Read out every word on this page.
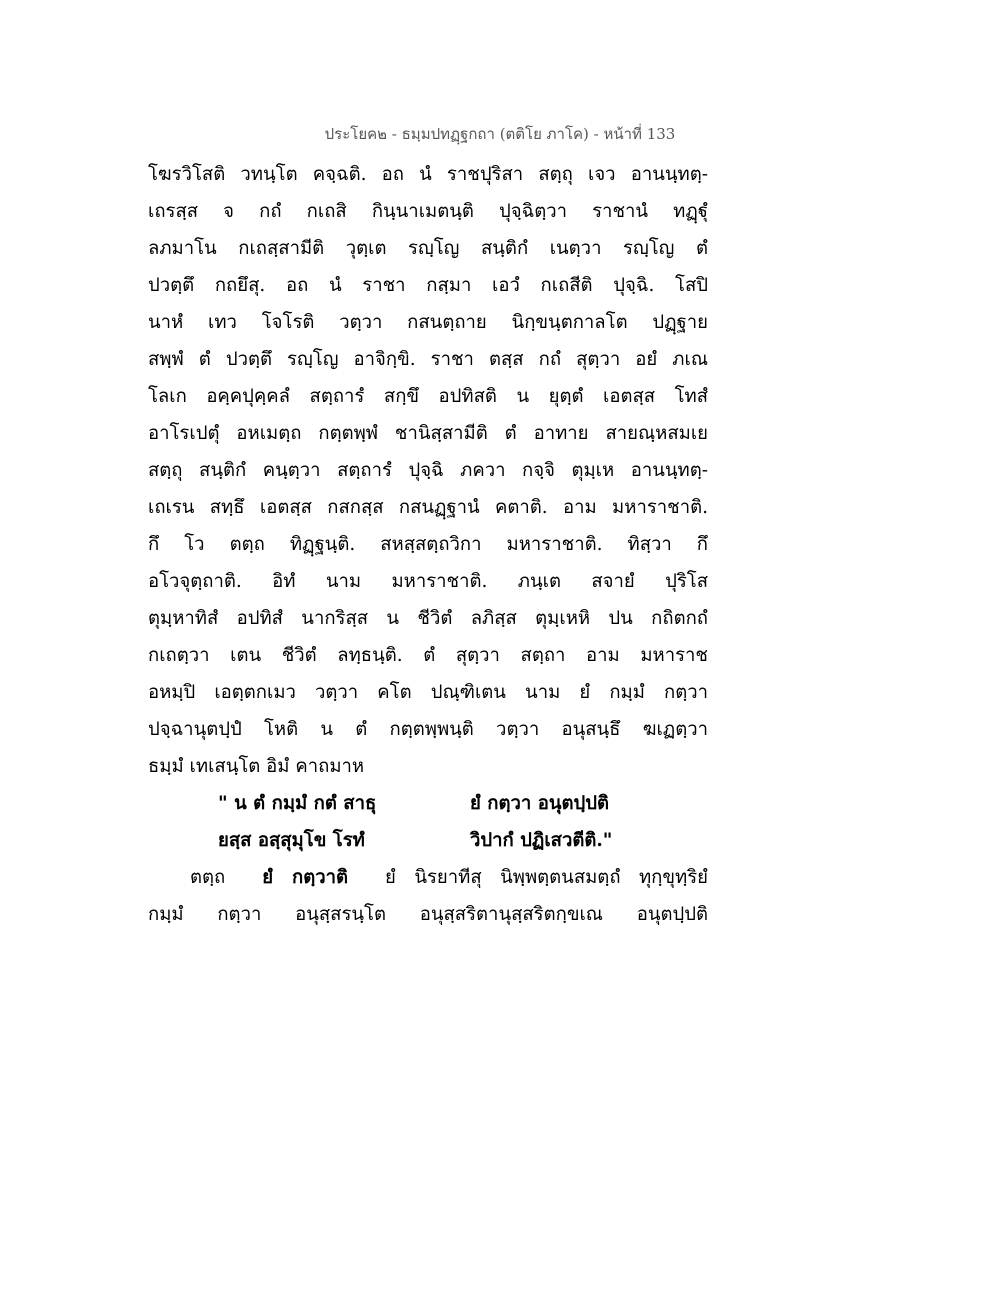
ประโยค๒ - ธมฺมปทฏฺฐกถา (ตติโย ภาโค) - หน้าที่ 133
โฆรวิโสติ วทนฺโต คจฺฉติ. อถ นํ ราชปุริสา สตฺถุ เจว อานนฺทตฺ-
เถรสฺส จ กถํ กเถสิ กินฺนาเมตนฺติ ปุจฺฉิตฺวา ราชานํ ทฏฺฐุํ
ลภมาโน กเถสฺสามีติ วุตฺเต รญฺโญ สนฺติกํ เนตฺวา รญฺโญ ตํ
ปวตฺตึ กถยึสุ. อถ นํ ราชา กสฺมา เอวํ กเถสีติ ปุจฺฉิ. โสปิ
นาหํ เทว โจโรติ วตฺวา กสนตฺถาย นิกฺขนฺตกาลโต ปฏฺฐาย
สพฺพํ ตํ ปวตฺตึ รญฺโญ อาจิกฺขิ. ราชา ตสฺส กถํ สุตฺวา อยํ ภเณ
โลเก อคฺคปุคฺคลํ สตฺถารํ สกฺขึ อปทิสติ น ยุตฺตํ เอตสฺส โทสํ
อาโรเปตุํ อหเมตฺถ กตฺตพฺพํ ชานิสฺสามีติ ตํ อาทาย สายณฺหสมเย
สตฺถุ สนฺติกํ คนฺตฺวา สตฺถารํ ปุจฺฉิ ภควา กจฺจิ ตุมฺเห อานนฺทตฺ-
เถเรน สทฺธึ เอตสฺส กสกสฺส กสนฏฺฐานํ คตาติ. อาม มหาราชาติ.
กึ โว ตตฺถ ทิฏฺฐนฺติ. สหสฺสตฺถวิกา มหาราชาติ. ทิสฺวา กึ
อโวจุตฺถาติ. อิทํ นาม มหาราชาติ. ภนฺเต สจายํ ปุริโส
ตุมฺหาทิสํ อปทิสํ นากริสฺส น ชีวิตํ ลภิสฺส ตุมฺเหหิ ปน กถิตกถํ
กเถตฺวา เตน ชีวิตํ ลทฺธนฺติ. ตํ สุตฺวา สตฺถา อาม มหาราช
อหมฺปิ เอตฺตกเมว วตฺวา คโต ปณฺฑิเตน นาม ยํ กมฺมํ กตฺวา
ปจฺฉานุตปฺปํ โหติ น ตํ กตฺตพฺพนฺติ วตฺวา อนุสนฺธึ ฆเฏตฺวา
ธมฺมํ เทเสนฺโต อิมํ คาถมาห
" น ตํ กมฺมํ กตํ สาธุ	ยํ กตฺวา อนุตปฺปติ
ยสฺส อสฺสุมุโข โรทํ	วิปากํ ปฏิเสวตีติ."
ตตฺถ ยํ กตฺวาติ ยํ นิรยาทีสุ นิพฺพตฺตนสมตฺถํ ทุกฺขุทฺริยํ
กมฺมํ กตฺวา อนุสฺสรนฺโต อนุสฺสริตานุสฺสริตกฺขเณ อนุตปฺปติ
